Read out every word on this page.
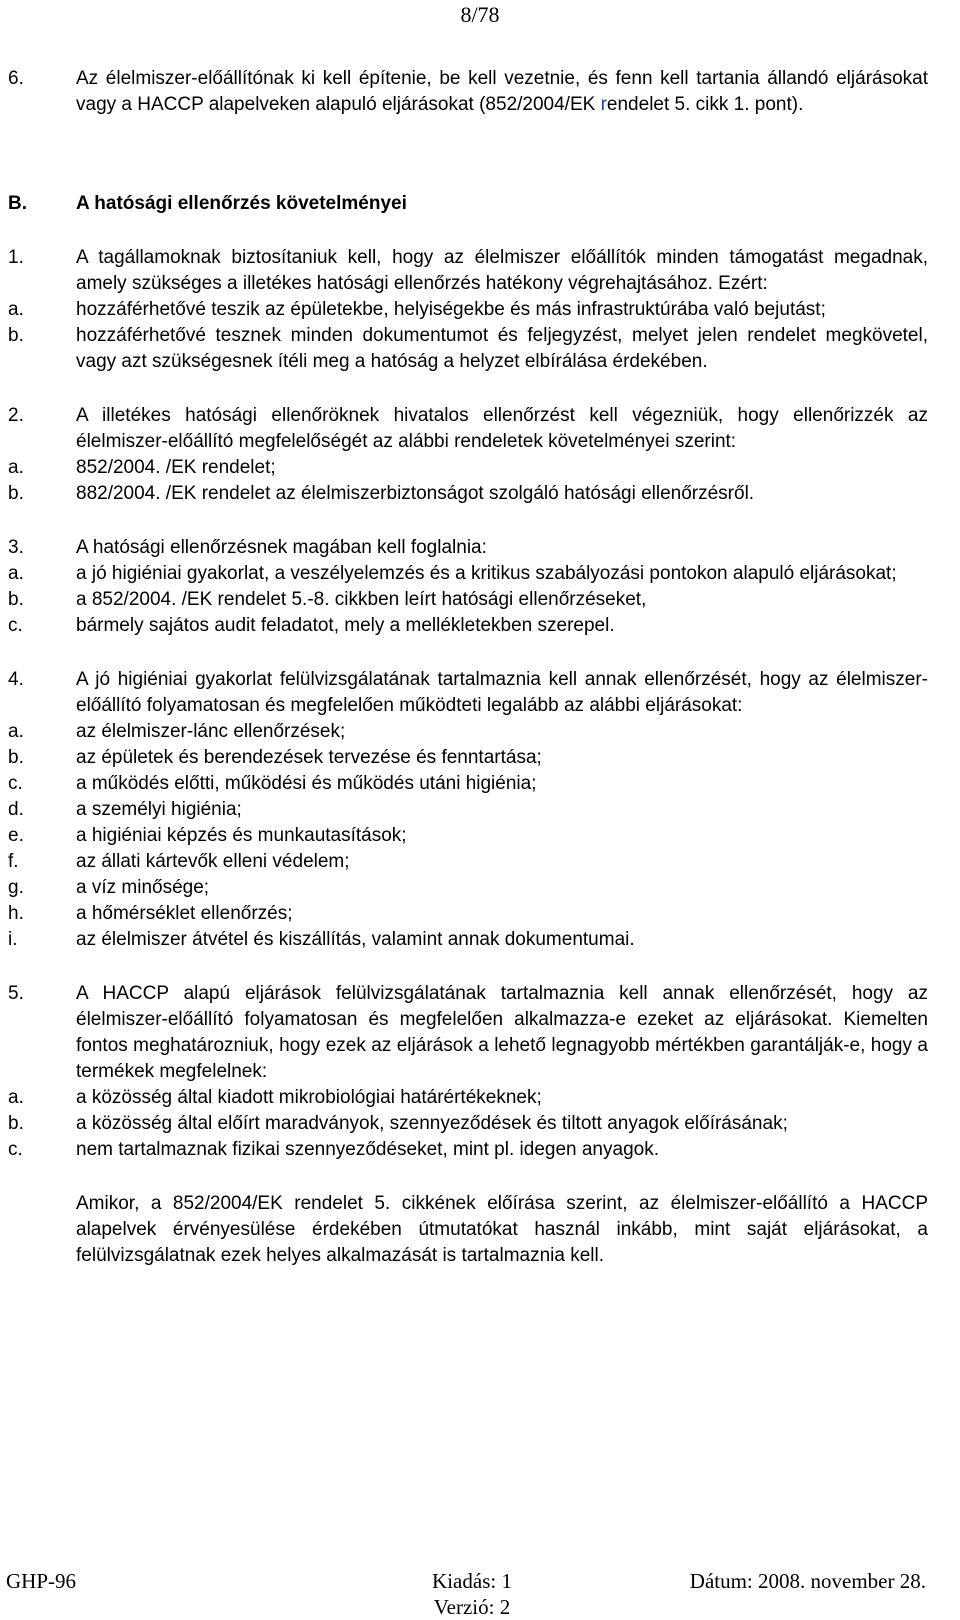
8/78
6.	Az élelmiszer-előállítónak ki kell építenie, be kell vezetnie, és fenn kell tartania állandó eljárásokat vagy a HACCP alapelveken alapuló eljárásokat (852/2004/EK rendelet 5. cikk 1. pont).
B.	A hatósági ellenőrzés követelményei
1.	A tagállamoknak biztosítaniuk kell, hogy az élelmiszer előállítók minden támogatást megadnak, amely szükséges a illetékes hatósági ellenőrzés hatékony végrehajtásához. Ezért:
a.	hozzáférhetővé teszik az épületekbe, helyiségekbe és más infrastruktúrába való bejutást;
b.	hozzáférhetővé tesznek minden dokumentumot és feljegyzést, melyet jelen rendelet megkövetel, vagy azt szükségesnek ítéli meg a hatóság a helyzet elbírálása érdekében.
2.	A illetékes hatósági ellenőröknek hivatalos ellenőrzést kell végezniük, hogy ellenőrizzék az élelmiszer-előállító megfelelőségét az alábbi rendeletek követelményei szerint:
a.	852/2004. /EK rendelet;
b.	882/2004. /EK rendelet az élelmiszerbiztonságot szolgáló hatósági ellenőrzésről.
3.	A hatósági ellenőrzésnek magában kell foglalnia:
a.	a jó higiéniai gyakorlat, a veszélyelemzés és a kritikus szabályozási pontokon alapuló eljárásokat;
b.	a 852/2004. /EK rendelet 5.-8. cikkben leírt hatósági ellenőrzéseket,
c.	bármely sajátos audit feladatot, mely a mellékletekben szerepel.
4.	A jó higiéniai gyakorlat felülvizsgálatának tartalmaznia kell annak ellenőrzését, hogy az élelmiszer-előállító folyamatosan és megfelelően működteti legalább az alábbi eljárásokat:
a.	az élelmiszer-lánc ellenőrzések;
b.	az épületek és berendezések tervezése és fenntartása;
c.	a működés előtti, működési és működés utáni higiénia;
d.	a személyi higiénia;
e.	a higiéniai képzés és munkautasítások;
f.	az állati kártevők elleni védelem;
g.	a víz minősége;
h.	a hőmérséklet ellenőrzés;
i.	az élelmiszer átvétel és kiszállítás, valamint annak dokumentumai.
5.	A HACCP alapú eljárások felülvizsgálatának tartalmaznia kell annak ellenőrzését, hogy az élelmiszer-előállító folyamatosan és megfelelően alkalmazza-e ezeket az eljárásokat. Kiemelten fontos meghatározniuk, hogy ezek az eljárások a lehető legnagyobb mértékben garantálják-e, hogy a termékek megfelelnek:
a.	a közösség által kiadott mikrobiológiai határértékeknek;
b.	a közösség által előírt maradványok, szennyeződések és tiltott anyagok előírásának;
c.	nem tartalmaznak fizikai szennyeződéseket, mint pl. idegen anyagok.
Amikor, a 852/2004/EK rendelet 5. cikkének előírása szerint, az élelmiszer-előállító a HACCP alapelvek érvényesülése érdekében útmutatókat használ inkább, mint saját eljárásokat, a felülvizsgálatnak ezek helyes alkalmazását is tartalmaznia kell.
GHP-96	Kiadás: 1
Verzió: 2
Dátum: 2008. november 28.
